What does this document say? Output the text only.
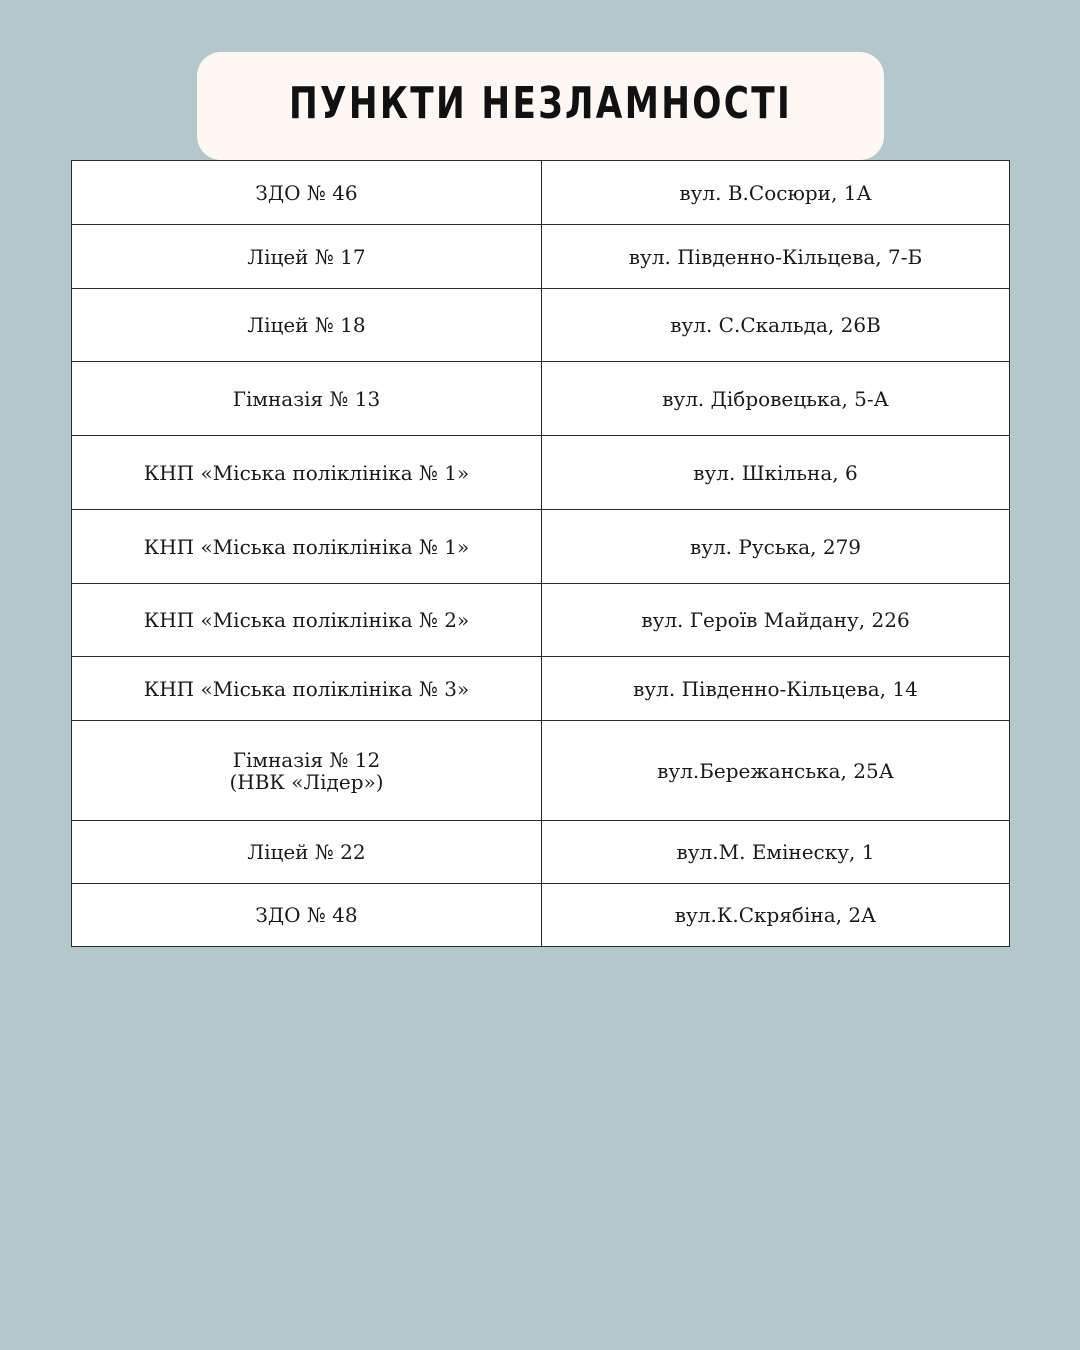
ПУНКТИ НЕЗЛАМНОСТІ
ЗДО № 46	вул. В.Сосюри, 1А
Ліцей № 17	вул. Південно-Кільцева, 7-Б
Ліцей № 18	вул. С.Скальда, 26В
Гімназія № 13	вул. Дібровецька, 5-А
КНП «Міська поліклініка № 1»	вул. Шкільна, 6
КНП «Міська поліклініка № 1»	вул. Руська, 279
КНП «Міська поліклініка № 2»	вул. Героїв Майдану, 226
КНП «Міська поліклініка № 3»	вул. Південно-Кільцева, 14
Гімназія № 12
(НВК «Лідер»)	вул.Бережанська, 25А
Ліцей № 22	вул.М. Емінеску, 1
ЗДО № 48	вул.К.Скрябіна, 2А
